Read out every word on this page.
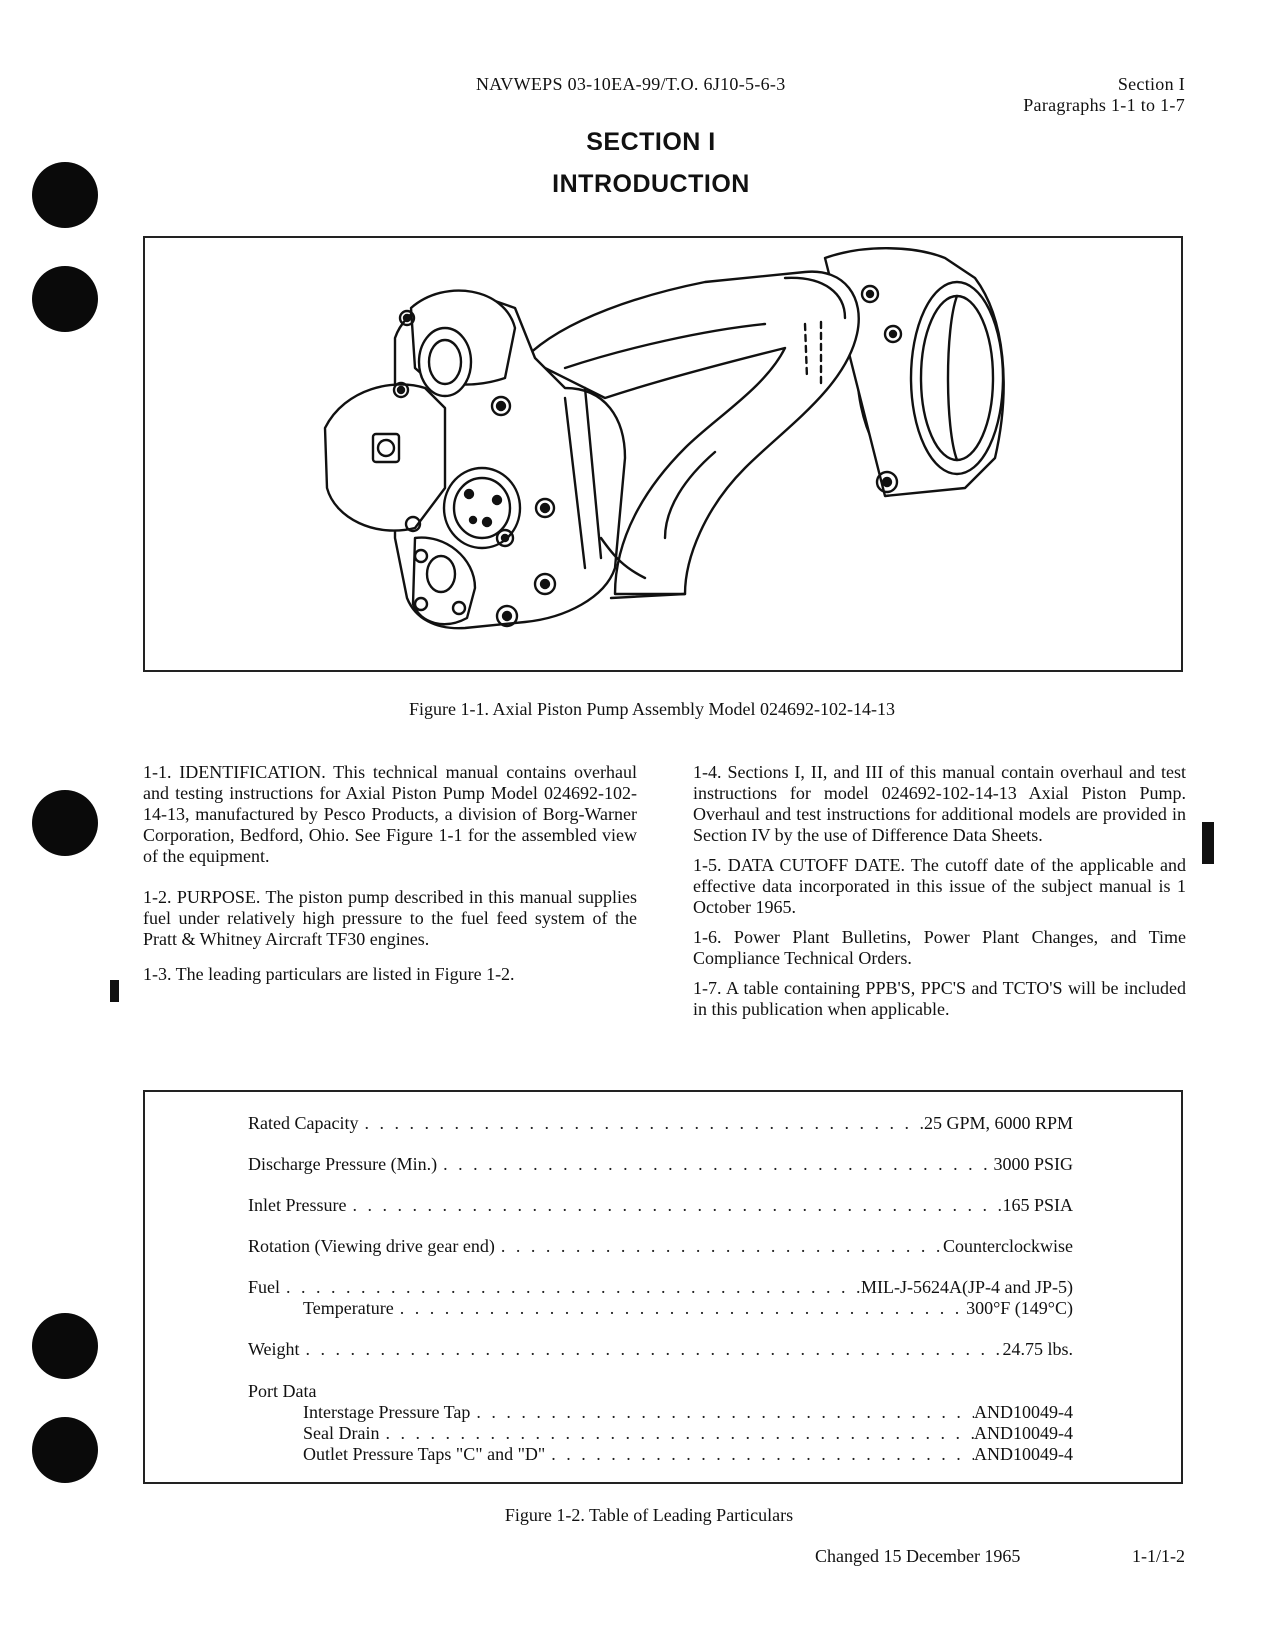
NAVWEPS 03-10EA-99/T.O. 6J10-5-6-3	Section I
Paragraphs 1-1 to 1-7
SECTION I
INTRODUCTION
Figure 1-1. Axial Piston Pump Assembly Model 024692-102-14-13

1-1. IDENTIFICATION. This technical manual contains overhaul and testing instructions for Axial Piston Pump Model 024692-102-14-13, manufactured by Pesco Products, a division of Borg-Warner Corporation, Bedford, Ohio. See Figure 1-1 for the assembled view of the equipment.

1-2. PURPOSE. The piston pump described in this manual supplies fuel under relatively high pressure to the fuel feed system of the Pratt & Whitney Aircraft TF30 engines.

1-3. The leading particulars are listed in Figure 1-2.

1-4. Sections I, II, and III of this manual contain overhaul and test instructions for model 024692-102-14-13 Axial Piston Pump. Overhaul and test instructions for additional models are provided in Section IV by the use of Difference Data Sheets.

1-5. DATA CUTOFF DATE. The cutoff date of the applicable and effective data incorporated in this issue of the subject manual is 1 October 1965.

1-6. Power Plant Bulletins, Power Plant Changes, and Time Compliance Technical Orders.

1-7. A table containing PPB'S, PPC'S and TCTO'S will be included in this publication when applicable.

Rated Capacity . . .	25 GPM, 6000 RPM
Discharge Pressure (Min.) . . .	3000 PSIG
Inlet Pressure . . .	165 PSIA
Rotation (Viewing drive gear end) . . .	Counterclockwise
Fuel . . .	MIL-J-5624A(JP-4 and JP-5)
Temperature . . .	300°F (149°C)
Weight . . .	24.75 lbs.
Port Data
Interstage Pressure Tap . . .	AND10049-4
Seal Drain . . .	AND10049-4
Outlet Pressure Taps "C" and "D" . . .	AND10049-4
Figure 1-2. Table of Leading Particulars
Changed 15 December 1965	1-1/1-2
